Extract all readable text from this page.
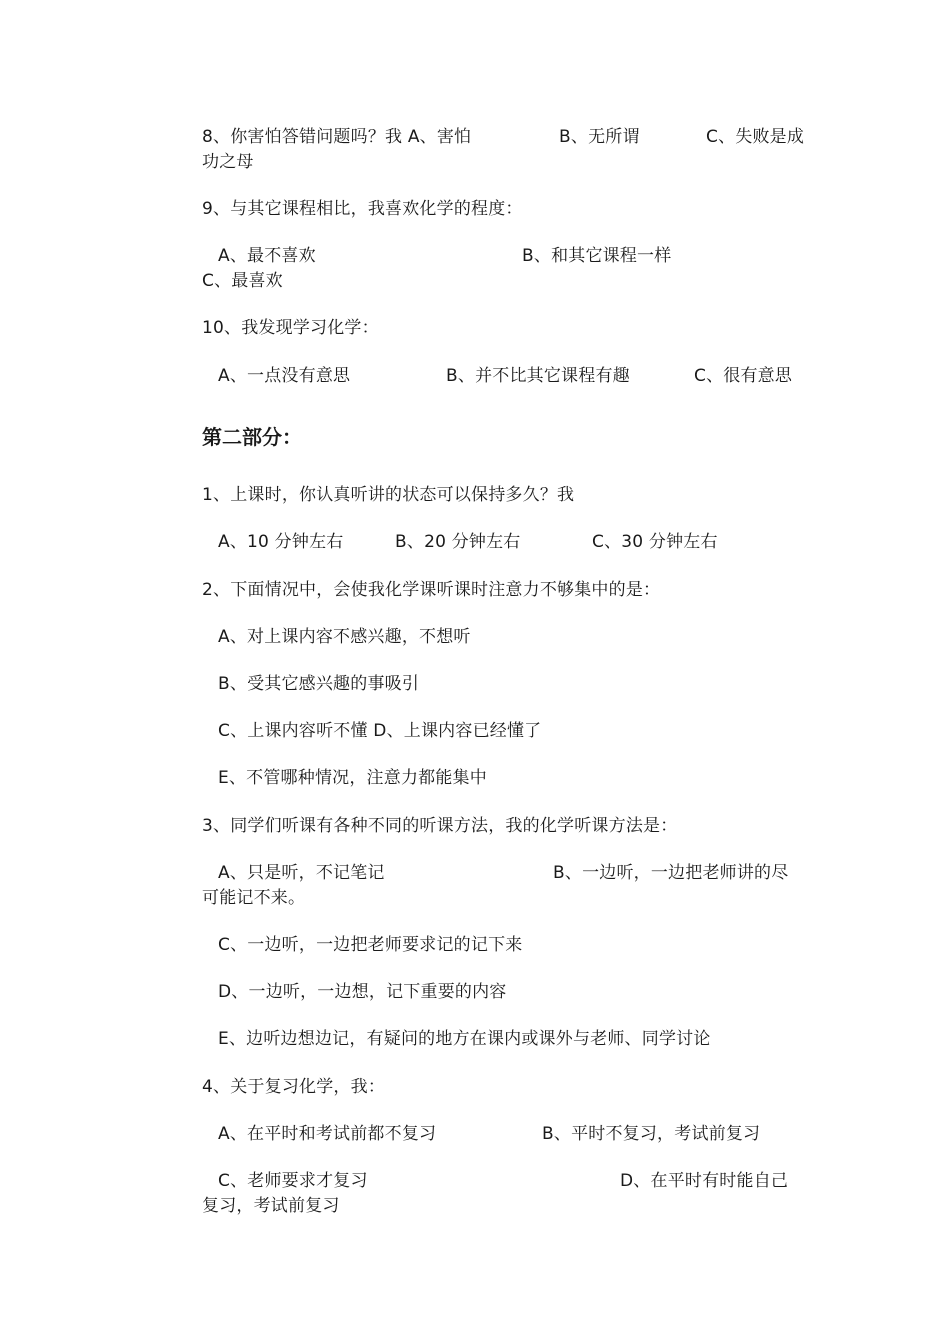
8、你害怕答错问题吗？我 A、害怕	B、无所谓	C、失败是成
功之母
9、与其它课程相比，我喜欢化学的程度：
A、最不喜欢	B、和其它课程一样
C、最喜欢
10、我发现学习化学：
A、一点没有意思	B、并不比其它课程有趣	C、很有意思
第二部分：
1、上课时，你认真听讲的状态可以保持多久？我
A、10 分钟左右	B、20 分钟左右	C、30 分钟左右
2、下面情况中，会使我化学课听课时注意力不够集中的是：
A、对上课内容不感兴趣，不想听
B、受其它感兴趣的事吸引
C、上课内容听不懂 D、上课内容已经懂了
E、不管哪种情况，注意力都能集中
3、同学们听课有各种不同的听课方法，我的化学听课方法是：
A、只是听，不记笔记	B、一边听，一边把老师讲的尽
可能记不来。
C、一边听，一边把老师要求记的记下来
D、一边听，一边想，记下重要的内容
E、边听边想边记，有疑问的地方在课内或课外与老师、同学讨论
4、关于复习化学，我：
A、在平时和考试前都不复习	B、平时不复习，考试前复习
C、老师要求才复习	D、在平时有时能自己
复习，考试前复习
